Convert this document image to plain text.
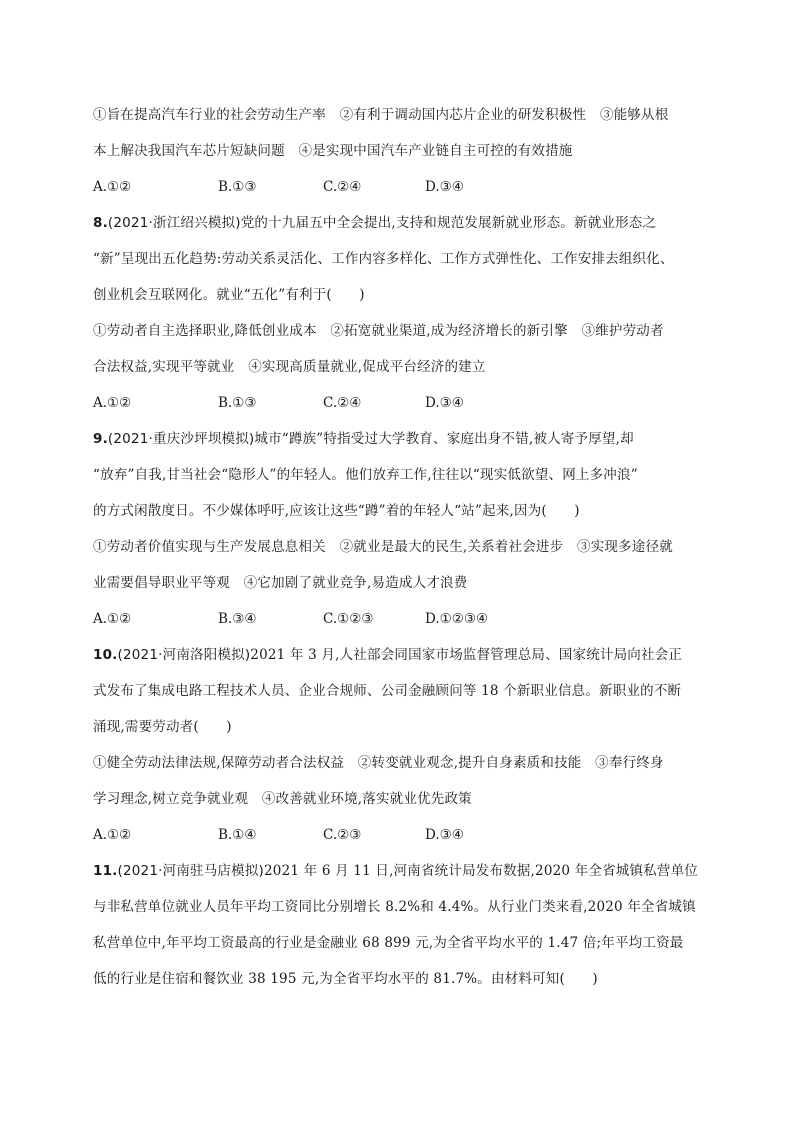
①旨在提高汽车行业的社会劳动生产率　②有利于调动国内芯片企业的研发积极性　③能够从根
本上解决我国汽车芯片短缺问题　④是实现中国汽车产业链自主可控的有效措施
A.①②	B.①③	C.②④	D.③④
8.(2021·浙江绍兴模拟)党的十九届五中全会提出,支持和规范发展新就业形态。新就业形态之
“新”呈现出五化趋势:劳动关系灵活化、工作内容多样化、工作方式弹性化、工作安排去组织化、
创业机会互联网化。就业“五化”有利于(　　)
①劳动者自主选择职业,降低创业成本　②拓宽就业渠道,成为经济增长的新引擎　③维护劳动者
合法权益,实现平等就业　④实现高质量就业,促成平台经济的建立
A.①②	B.①③	C.②④	D.③④
9.(2021·重庆沙坪坝模拟)城市“蹲族”特指受过大学教育、家庭出身不错,被人寄予厚望,却
“放弃”自我,甘当社会“隐形人”的年轻人。他们放弃工作,往往以“现实低欲望、网上多冲浪”
的方式闲散度日。不少媒体呼吁,应该让这些“蹲”着的年轻人“站”起来,因为(　　)
①劳动者价值实现与生产发展息息相关　②就业是最大的民生,关系着社会进步　③实现多途径就
业需要倡导职业平等观　④它加剧了就业竞争,易造成人才浪费
A.①②	B.③④	C.①②③	D.①②③④
10.(2021·河南洛阳模拟)2021 年 3 月,人社部会同国家市场监督管理总局、国家统计局向社会正
式发布了集成电路工程技术人员、企业合规师、公司金融顾问等 18 个新职业信息。新职业的不断
涌现,需要劳动者(　　)
①健全劳动法律法规,保障劳动者合法权益　②转变就业观念,提升自身素质和技能　③奉行终身
学习理念,树立竞争就业观　④改善就业环境,落实就业优先政策
A.①②	B.①④	C.②③	D.③④
11.(2021·河南驻马店模拟)2021 年 6 月 11 日,河南省统计局发布数据,2020 年全省城镇私营单位
与非私营单位就业人员年平均工资同比分别增长 8.2%和 4.4%。从行业门类来看,2020 年全省城镇
私营单位中,年平均工资最高的行业是金融业 68 899 元,为全省平均水平的 1.47 倍;年平均工资最
低的行业是住宿和餐饮业 38 195 元,为全省平均水平的 81.7%。由材料可知(　　)
